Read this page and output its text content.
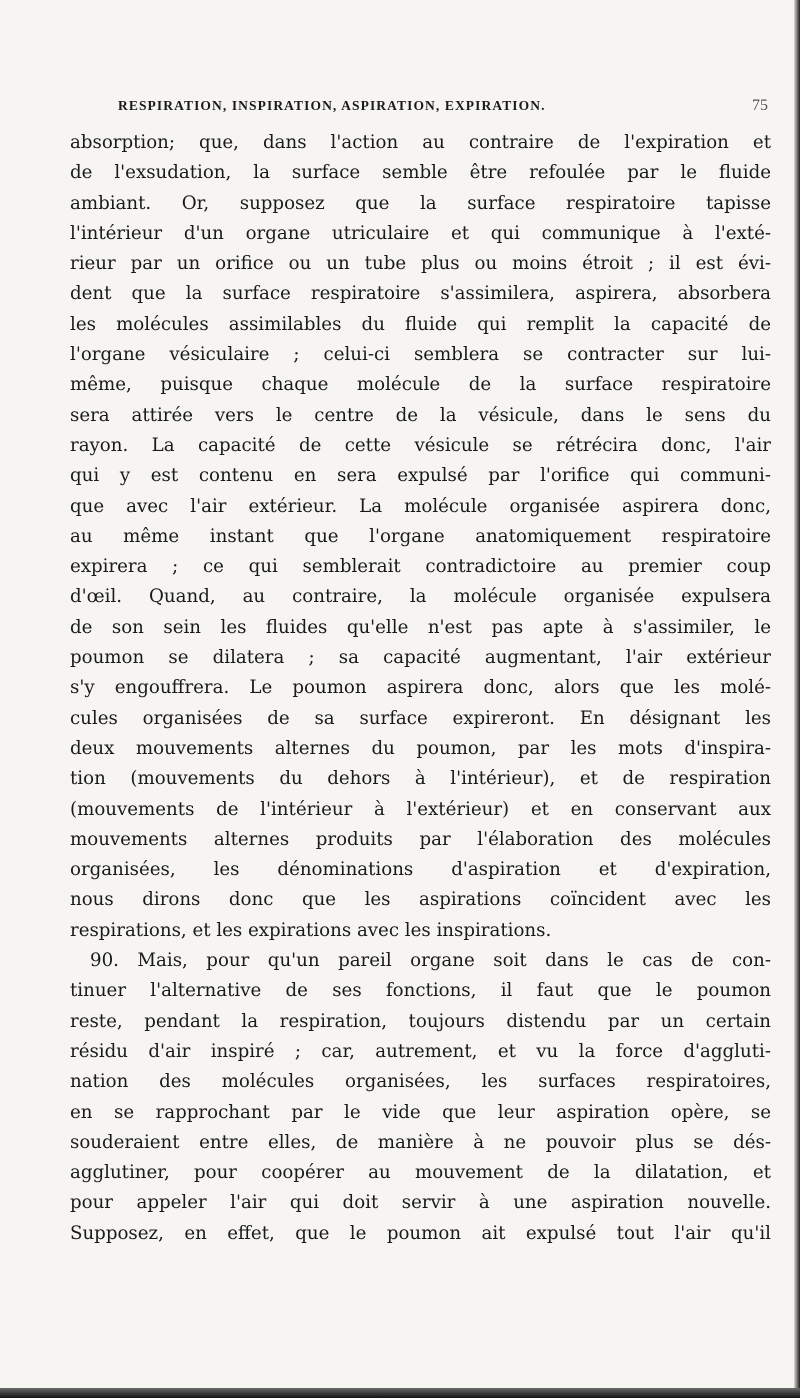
RESPIRATION, INSPIRATION, ASPIRATION, EXPIRATION.	75
absorption; que, dans l'action au contraire de l'expiration et
de l'exsudation, la surface semble être refoulée par le fluide
ambiant. Or, supposez que la surface respiratoire tapisse
l'intérieur d'un organe utriculaire et qui communique à l'exté-
rieur par un orifice ou un tube plus ou moins étroit ; il est évi-
dent que la surface respiratoire s'assimilera, aspirera, absorbera
les molécules assimilables du fluide qui remplit la capacité de
l'organe vésiculaire ; celui-ci semblera se contracter sur lui-
même, puisque chaque molécule de la surface respiratoire
sera attirée vers le centre de la vésicule, dans le sens du
rayon. La capacité de cette vésicule se rétrécira donc, l'air
qui y est contenu en sera expulsé par l'orifice qui communi-
que avec l'air extérieur. La molécule organisée aspirera donc,
au même instant que l'organe anatomiquement respiratoire
expirera ; ce qui semblerait contradictoire au premier coup
d'œil. Quand, au contraire, la molécule organisée expulsera
de son sein les fluides qu'elle n'est pas apte à s'assimiler, le
poumon se dilatera ; sa capacité augmentant, l'air extérieur
s'y engouffrera. Le poumon aspirera donc, alors que les molé-
cules organisées de sa surface expireront. En désignant les
deux mouvements alternes du poumon, par les mots d'inspira-
tion (mouvements du dehors à l'intérieur), et de respiration
(mouvements de l'intérieur à l'extérieur) et en conservant aux
mouvements alternes produits par l'élaboration des molécules
organisées, les dénominations d'aspiration et d'expiration,
nous dirons donc que les aspirations coïncident avec les
respirations, et les expirations avec les inspirations.
90. Mais, pour qu'un pareil organe soit dans le cas de con-
tinuer l'alternative de ses fonctions, il faut que le poumon
reste, pendant la respiration, toujours distendu par un certain
résidu d'air inspiré ; car, autrement, et vu la force d'aggluti-
nation des molécules organisées, les surfaces respiratoires,
en se rapprochant par le vide que leur aspiration opère, se
souderaient entre elles, de manière à ne pouvoir plus se dés-
agglutiner, pour coopérer au mouvement de la dilatation, et
pour appeler l'air qui doit servir à une aspiration nouvelle.
Supposez, en effet, que le poumon ait expulsé tout l'air qu'il
